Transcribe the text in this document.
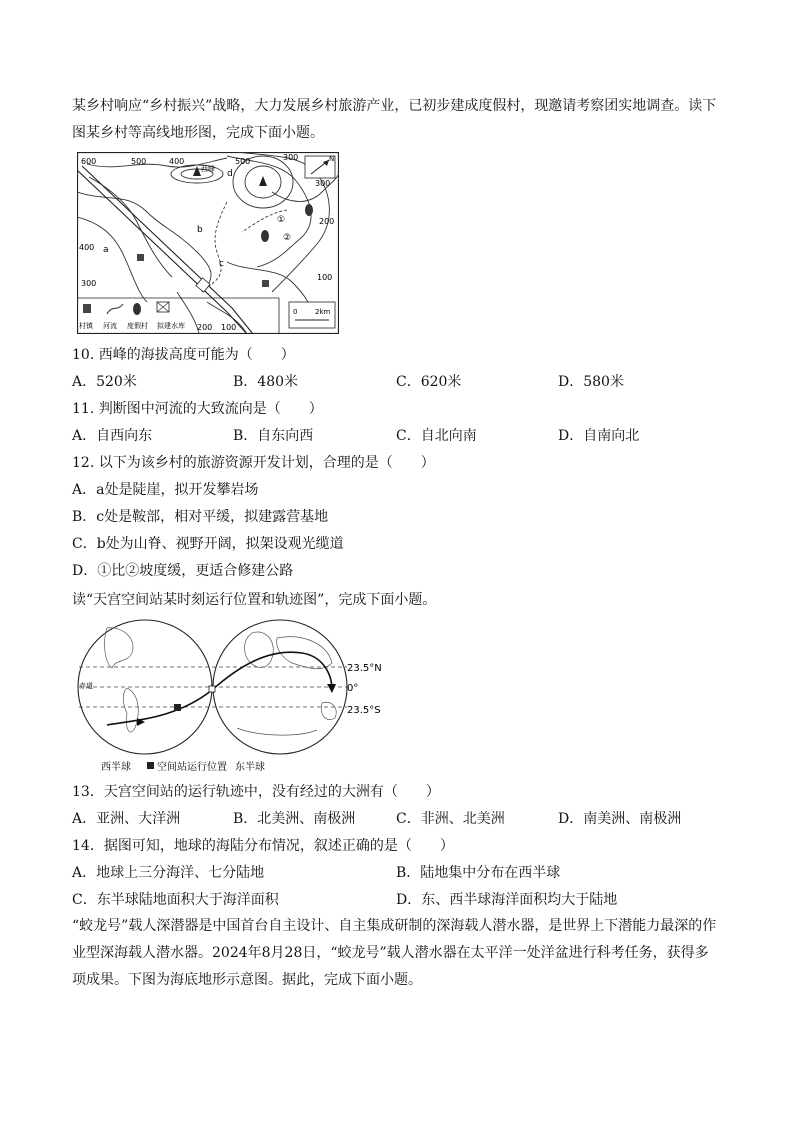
某乡村响应“乡村振兴”战略，大力发展乡村旅游产业，已初步建成度假村，现邀请考察团实地调查。读下图某乡村等高线地形图，完成下面小题。
N
西峰
600	500	400	500
300
200
100
300
400
200 100
300
d
b
c
a
①
②
村镇 河流 度假村 拟建水库
0	2km
10. 西峰的海拔高度可能为（　　）
A．520米	B．480米	C．620米	D．580米
11. 判断图中河流的大致流向是（　　）
A．自西向东	B．自东向西	C．自北向南	D．自南向北
12. 以下为该乡村的旅游资源开发计划，合理的是（　　）
A．a处是陡崖，拟开发攀岩场
B．c处是鞍部，相对平缓，拟建露营基地
C．b处为山脊、视野开阔，拟架设观光缆道
D．①比②坡度缓，更适合修建公路
读“天宫空间站某时刻运行位置和轨迹图”，完成下面小题。
赤道
23.5°N
0°
23.5°S
西半球	空间站运行位置 东半球
13．天宫空间站的运行轨迹中，没有经过的大洲有（　　）
A．亚洲、大洋洲	B．北美洲、南极洲	C．非洲、北美洲	D．南美洲、南极洲
14．据图可知，地球的海陆分布情况，叙述正确的是（　　）
A．地球上三分海洋、七分陆地	B．陆地集中分布在西半球
C．东半球陆地面积大于海洋面积	D．东、西半球海洋面积均大于陆地
“蛟龙号”载人深潜器是中国首台自主设计、自主集成研制的深海载人潜水器，是世界上下潜能力最深的作业型深海载人潜水器。2024年8月28日，“蛟龙号”载人潜水器在太平洋一处洋盆进行科考任务，获得多项成果。下图为海底地形示意图。据此，完成下面小题。
